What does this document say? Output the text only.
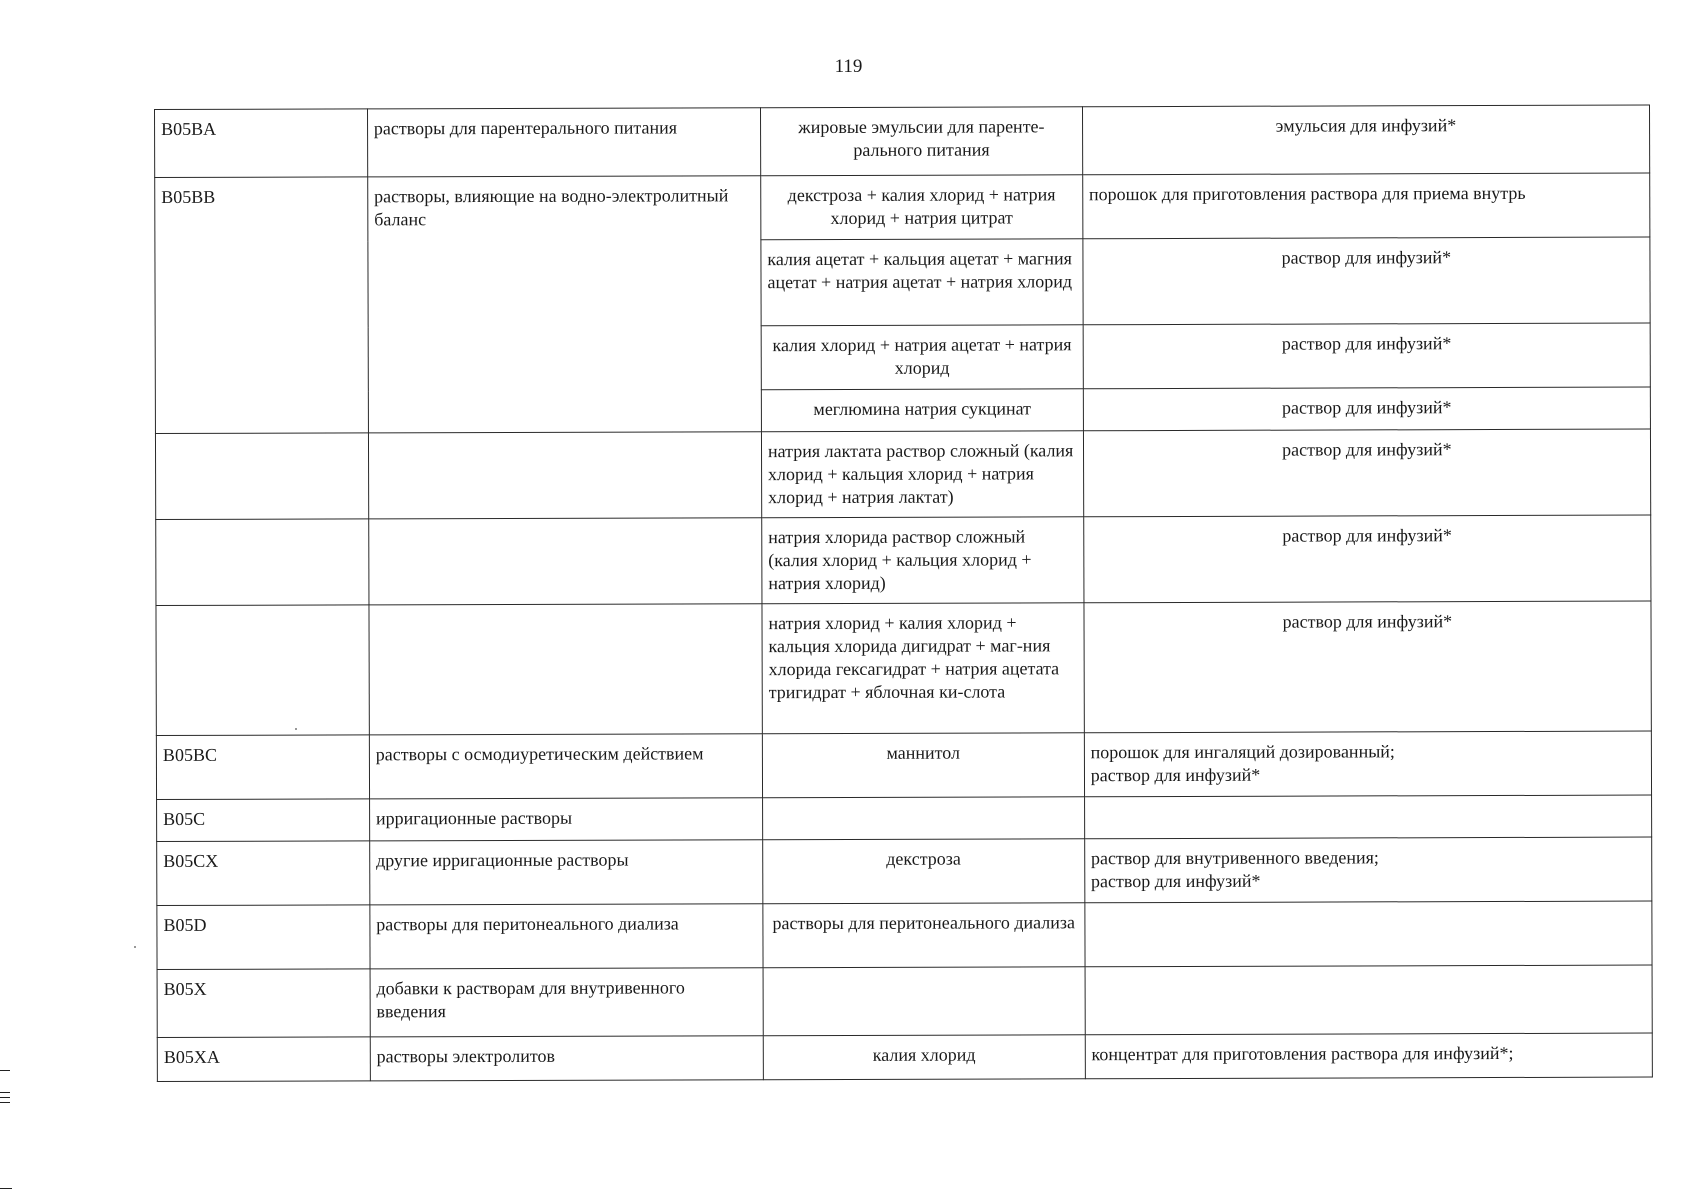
119
B05BA	растворы для парентерального питания	жировые эмульсии для паренте-рального питания	эмульсия для инфузий*

B05BB	растворы, влияющие на водно-электролитный баланс	декстроза + калия хлорид + натрия хлорид + натрия цитрат	порошок для приготовления раствора для приема внутрь

		калия ацетат + кальция ацетат + магния ацетат + натрия ацетат + натрия хлорид	раствор для инфузий*

		калия хлорид + натрия ацетат + натрия хлорид	раствор для инфузий*

		меглюмина натрия сукцинат	раствор для инфузий*

		натрия лактата раствор сложный (калия хлорид + кальция хлорид + натрия хлорид + натрия лактат)	раствор для инфузий*

		натрия хлорида раствор сложный (калия хлорид + кальция хлорид + натрия хлорид)	раствор для инфузий*

		натрия хлорид + калия хлорид + кальция хлорида дигидрат + маг-ния хлорида гексагидрат + натрия ацетата тригидрат + яблочная ки-слота	раствор для инфузий*

B05BC	растворы с осмодиуретическим действием	маннитол	порошок для ингаляций дозированный;
раствор для инфузий*

B05C	ирригационные растворы		
B05CX	другие ирригационные растворы	декстроза	раствор для внутривенного введения;
раствор для инфузий*

B05D	растворы для перитонеального диализа	растворы для перитонеального диализа	
B05X	добавки к растворам для внутривенного введения		
B05XA	растворы электролитов	калия хлорид	концентрат для приготовления раствора для инфузий*;
